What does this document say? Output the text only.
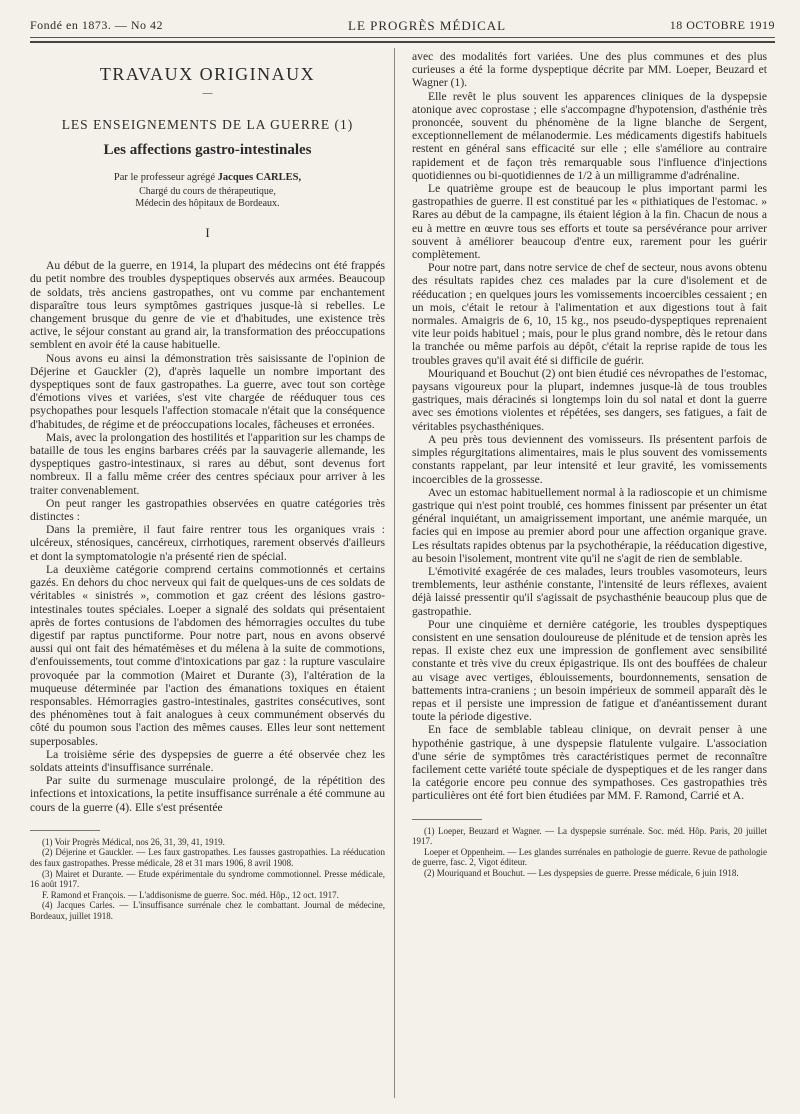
Fondé en 1873. — No 42	LE PROGRÈS MÉDICAL	18 OCTOBRE 1919
TRAVAUX ORIGINAUX
—
LES ENSEIGNEMENTS DE LA GUERRE (1)
Les affections gastro-intestinales
Par le professeur agrégé Jacques CARLES,
Chargé du cours de thérapeutique,
Médecin des hôpitaux de Bordeaux.
I

Au début de la guerre, en 1914, la plupart des médecins ont été frappés du petit nombre des troubles dyspeptiques observés aux armées. Beaucoup de soldats, très anciens gastropathes, ont vu comme par enchantement disparaître tous leurs symptômes gastriques jusque-là si rebelles. Le changement brusque du genre de vie et d'habitudes, une existence très active, le séjour constant au grand air, la transformation des préoccupations semblent en avoir été la cause habituelle.

Nous avons eu ainsi la démonstration très saisissante de l'opinion de Déjerine et Gauckler (2), d'après laquelle un nombre important des dyspeptiques sont de faux gastropathes. La guerre, avec tout son cortège d'émotions vives et variées, s'est vite chargée de rééduquer tous ces psychopathes pour lesquels l'affection stomacale n'était que la conséquence d'habitudes, de régime et de préoccupations locales, fâcheuses et erronées.

Mais, avec la prolongation des hostilités et l'apparition sur les champs de bataille de tous les engins barbares créés par la sauvagerie allemande, les dyspeptiques gastro-intestinaux, si rares au début, sont devenus fort nombreux. Il a fallu même créer des centres spéciaux pour arriver à les traiter convenablement.

On peut ranger les gastropathies observées en quatre catégories très distinctes :

Dans la première, il faut faire rentrer tous les organiques vrais : ulcéreux, sténosiques, cancéreux, cirrhotiques, rarement observés d'ailleurs et dont la symptomatologie n'a présenté rien de spécial.

La deuxième catégorie comprend certains commotionnés et certains gazés. En dehors du choc nerveux qui fait de quelques-uns de ces soldats de véritables « sinistrés », commotion et gaz créent des lésions gastro-intestinales toutes spéciales. Loeper a signalé des soldats qui présentaient après de fortes contusions de l'abdomen des hémorragies occultes du tube digestif par raptus punctiforme. Pour notre part, nous en avons observé aussi qui ont fait des hématémèses et du mélena à la suite de commotions, d'enfouissements, tout comme d'intoxications par gaz : la rupture vasculaire provoquée par la commotion (Mairet et Durante (3), l'altération de la muqueuse déterminée par l'action des émanations toxiques en étaient responsables. Hémorragies gastro-intestinales, gastrites consécutives, sont des phénomènes tout à fait analogues à ceux communément observés du côté du poumon sous l'action des mêmes causes. Elles leur sont nettement superposables.

La troisième série des dyspepsies de guerre a été observée chez les soldats atteints d'insuffisance surrénale.

Par suite du surmenage musculaire prolongé, de la répétition des infections et intoxications, la petite insuffisance surrénale a été commune au cours de la guerre (4). Elle s'est présentée

(1) Voir Progrès Médical, nos 26, 31, 39, 41, 1919.

(2) Déjerine et Gauckler. — Les faux gastropathes. Les fausses gastropathies. La rééducation des faux gastropathes. Presse médicale, 28 et 31 mars 1906, 8 avril 1908.

(3) Mairet et Durante. — Etude expérimentale du syndrome commotionnel. Presse médicale, 16 août 1917.

F. Ramond et François. — L'addisonisme de guerre. Soc. méd. Hôp., 12 oct. 1917.

(4) Jacques Carles. — L'insuffisance surrénale chez le combattant. Journal de médecine, Bordeaux, juillet 1918.

avec des modalités fort variées. Une des plus communes et des plus curieuses a été la forme dyspeptique décrite par MM. Loeper, Beuzard et Wagner (1).

Elle revêt le plus souvent les apparences cliniques de la dyspepsie atonique avec coprostase ; elle s'accompagne d'hypotension, d'asthénie très prononcée, souvent du phénomène de la ligne blanche de Sergent, exceptionnellement de mélanodermie. Les médicaments digestifs habituels restent en général sans efficacité sur elle ; elle s'améliore au contraire rapidement et de façon très remarquable sous l'influence d'injections quotidiennes ou bi-quotidiennes de 1/2 à un milligramme d'adrénaline.

Le quatrième groupe est de beaucoup le plus important parmi les gastropathies de guerre. Il est constitué par les « pithiatiques de l'estomac. » Rares au début de la campagne, ils étaient légion à la fin. Chacun de nous a eu à mettre en œuvre tous ses efforts et toute sa persévérance pour arriver souvent à améliorer beaucoup d'entre eux, rarement pour les guérir complètement.

Pour notre part, dans notre service de chef de secteur, nous avons obtenu des résultats rapides chez ces malades par la cure d'isolement et de rééducation ; en quelques jours les vomissements incoercibles cessaient ; en un mois, c'était le retour à l'alimentation et aux digestions tout à fait normales. Amaigris de 6, 10, 15 kg., nos pseudo-dyspeptiques reprenaient vite leur poids habituel ; mais, pour le plus grand nombre, dès le retour dans la tranchée ou même parfois au dépôt, c'était la reprise rapide de tous les troubles graves qu'il avait été si difficile de guérir.

Mouriquand et Bouchut (2) ont bien étudié ces névropathes de l'estomac, paysans vigoureux pour la plupart, indemnes jusque-là de tous troubles gastriques, mais déracinés si longtemps loin du sol natal et dont la guerre avec ses émotions violentes et répétées, ses dangers, ses fatigues, a fait de véritables psychasthéniques.

A peu près tous deviennent des vomisseurs. Ils présentent parfois de simples régurgitations alimentaires, mais le plus souvent des vomissements constants rappelant, par leur intensité et leur gravité, les vomissements incoercibles de la grossesse.

Avec un estomac habituellement normal à la radioscopie et un chimisme gastrique qui n'est point troublé, ces hommes finissent par présenter un état général inquiétant, un amaigrissement important, une anémie marquée, un facies qui en impose au premier abord pour une affection organique grave. Les résultats rapides obtenus par la psychothérapie, la rééducation digestive, au besoin l'isolement, montrent vite qu'il ne s'agit de rien de semblable.

L'émotivité exagérée de ces malades, leurs troubles vasomoteurs, leurs tremblements, leur asthénie constante, l'intensité de leurs réflexes, avaient déjà laissé pressentir qu'il s'agissait de psychasthénie beaucoup plus que de gastropathie.

Pour une cinquième et dernière catégorie, les troubles dyspeptiques consistent en une sensation douloureuse de plénitude et de tension après les repas. Il existe chez eux une impression de gonflement avec sensibilité constante et très vive du creux épigastrique. Ils ont des bouffées de chaleur au visage avec vertiges, éblouissements, bourdonnements, sensation de battements intra-craniens ; un besoin impérieux de sommeil apparaît dès le repas et il persiste une impression de fatigue et d'anéantissement durant toute la période digestive.

En face de semblable tableau clinique, on devrait penser à une hypothénie gastrique, à une dyspepsie flatulente vulgaire. L'association d'une série de symptômes très caractéristiques permet de reconnaître facilement cette variété toute spéciale de dyspeptiques et de les ranger dans la catégorie encore peu connue des sympathoses. Ces gastropathies très particulières ont été fort bien étudiées par MM. F. Ramond, Carrié et A.

(1) Loeper, Beuzard et Wagner. — La dyspepsie surrénale. Soc. méd. Hôp. Paris, 20 juillet 1917.

Loeper et Oppenheim. — Les glandes surrénales en pathologie de guerre. Revue de pathologie de guerre, fasc. 2, Vigot éditeur.

(2) Mouriquand et Bouchut. — Les dyspepsies de guerre. Presse médicale, 6 juin 1918.
